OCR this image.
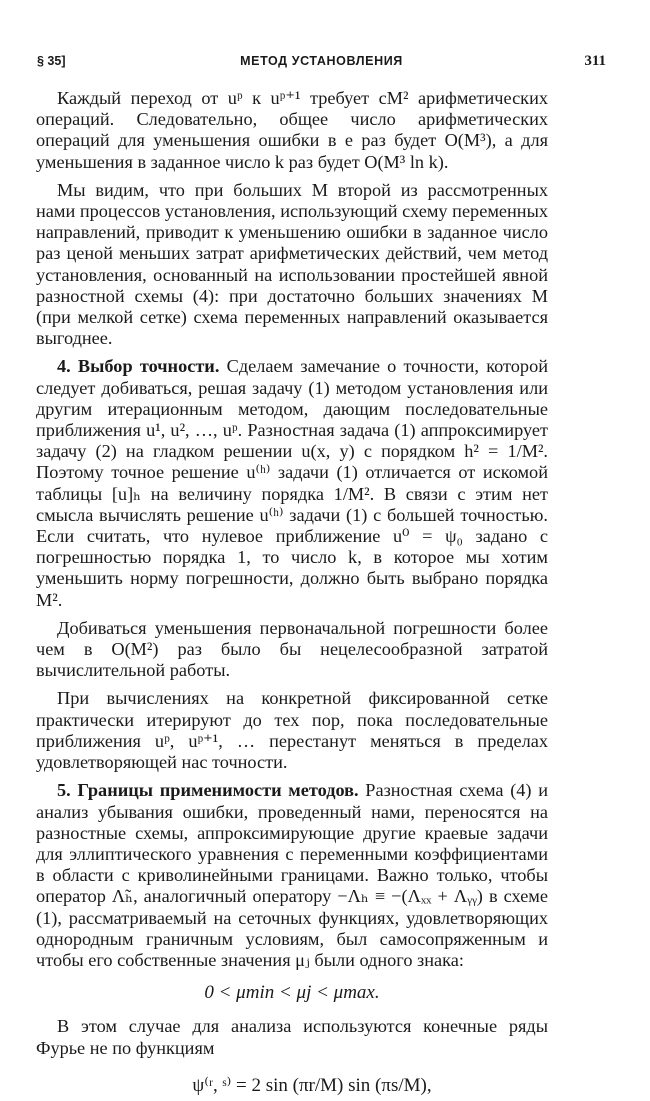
§ 35]	МЕТОД УСТАНОВЛЕНИЯ	311

Каждый переход от uᵖ к uᵖ⁺¹ требует cM² арифметических операций. Следовательно, общее число арифметических операций для уменьшения ошибки в e раз будет O(M³), а для уменьшения в заданное число k раз будет O(M³ ln k).

Мы видим, что при больших M второй из рассмотренных нами процессов установления, использующий схему переменных направлений, приводит к уменьшению ошибки в заданное число раз ценой меньших затрат арифметических действий, чем метод установления, основанный на использовании простейшей явной разностной схемы (4): при достаточно больших значениях M (при мелкой сетке) схема переменных направлений оказывается выгоднее.

4. Выбор точности. Сделаем замечание о точности, которой следует добиваться, решая задачу (1) методом установления или другим итерационным методом, дающим последовательные приближения u¹, u², …, uᵖ. Разностная задача (1) аппроксимирует задачу (2) на гладком решении u(x, y) с порядком h² = 1/M². Поэтому точное решение u⁽ʰ⁾ задачи (1) отличается от искомой таблицы [u]ₕ на величину порядка 1/M². В связи с этим нет смысла вычислять решение u⁽ʰ⁾ задачи (1) с большей точностью. Если считать, что нулевое приближение u⁰ = ψ₀ задано с погрешностью порядка 1, то число k, в которое мы хотим уменьшить норму погрешности, должно быть выбрано порядка M².

Добиваться уменьшения первоначальной погрешности более чем в O(M²) раз было бы нецелесообразной затратой вычислительной работы.

При вычислениях на конкретной фиксированной сетке практически итерируют до тех пор, пока последовательные приближения uᵖ, uᵖ⁺¹, … перестанут меняться в пределах удовлетворяющей нас точности.

5. Границы применимости методов. Разностная схема (4) и анализ убывания ошибки, проведенный нами, переносятся на разностные схемы, аппроксимирующие другие краевые задачи для эллиптического уравнения с переменными коэффициентами в области с криволинейными границами. Важно только, чтобы оператор Λ̃ₕ, аналогичный оператору −Λₕ ≡ −(Λₓₓ + Λᵧᵧ) в схеме (1), рассматриваемый на сеточных функциях, удовлетворяющих однородным граничным условиям, был самосопряженным и чтобы его собственные значения μⱼ были одного знака:

0 < μmin < μj < μmax.

В этом случае для анализа используются конечные ряды Фурье не по функциям

ψ⁽ʳ, ˢ⁾ = 2 sin (πr/M) sin (πs/M),
